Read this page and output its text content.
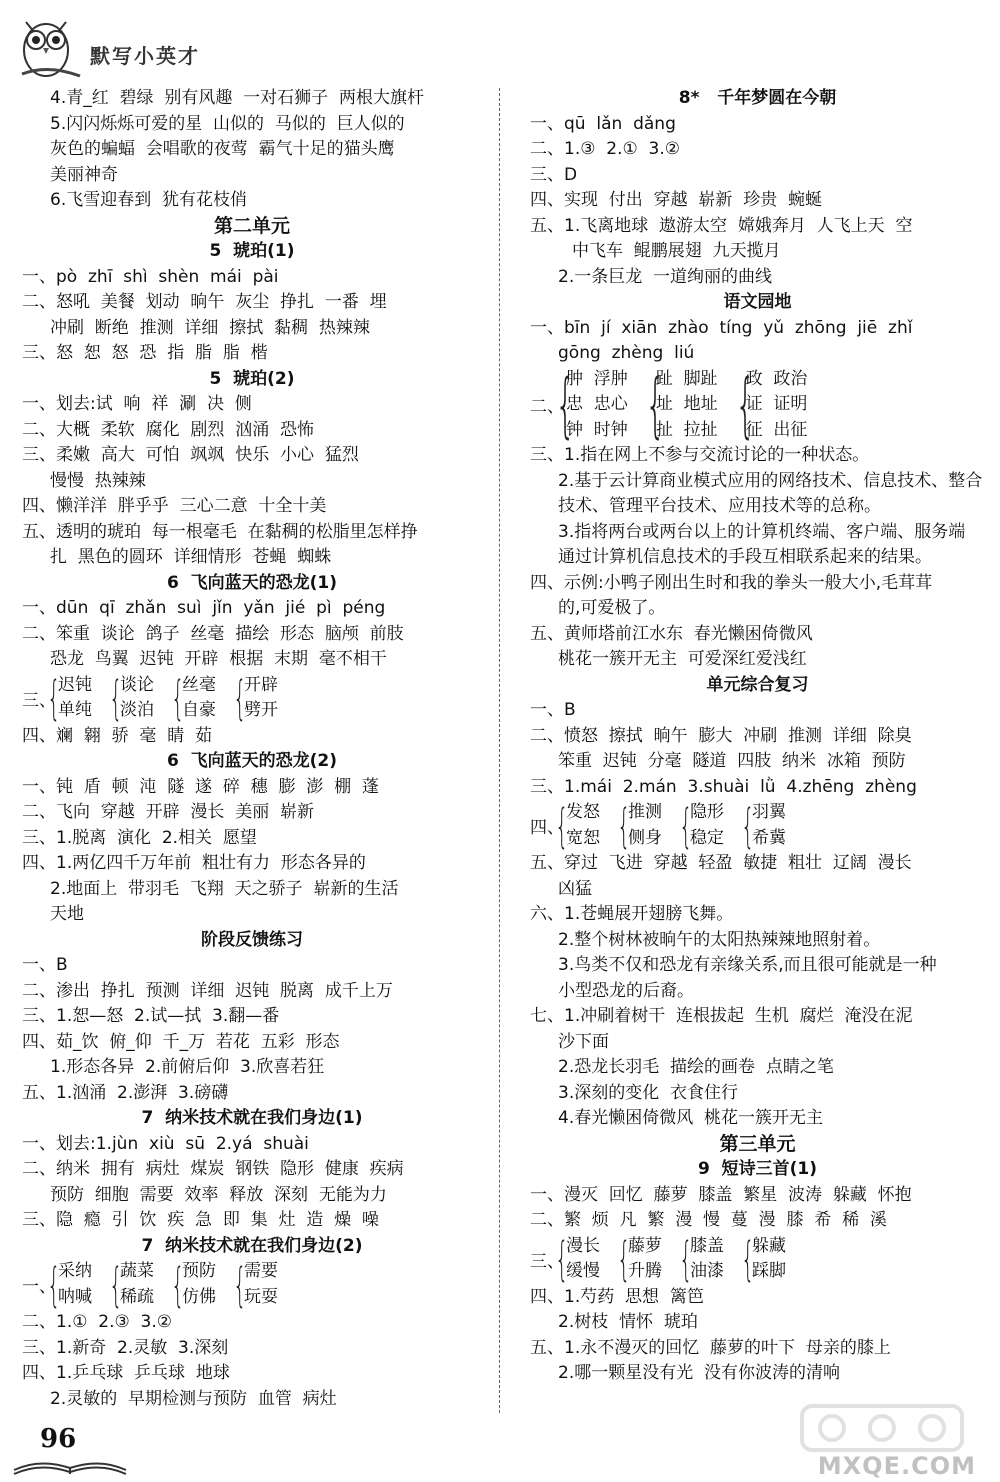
默写小英才
4.青_红  碧绿  别有风趣  一对石狮子  两根大旗杆
5.闪闪烁烁可爱的星  山似的  马似的  巨人似的
灰色的蝙蝠  会唱歌的夜莺  霸气十足的猫头鹰
美丽神奇
6.飞雪迎春到  犹有花枝俏
第二单元
5  琥珀(1)
一、pò  zhī  shì  shèn  mái  pài
二、怒吼  美餐  划动  晌午  灰尘  挣扎  一番  埋
冲刷  断绝  推测  详细  擦拭  黏稠  热辣辣
三、怒  恕  怒  恐  指  脂  脂  楷
5  琥珀(2)
一、划去:试  响  祥  涮  决  侧
二、大概  柔软  腐化  剧烈  汹涌  恐怖
三、柔嫩  高大  可怕  飒飒  快乐  小心  猛烈
慢慢  热辣辣
四、懒洋洋  胖乎乎  三心二意  十全十美
五、透明的琥珀  每一根毫毛  在黏稠的松脂里怎样挣
扎  黑色的圆环  详细情形  苍蝇  蜘蛛
6  飞向蓝天的恐龙(1)
一、dūn  qī  zhǎn  suì  jǐn  yǎn  jié  pì  péng
二、笨重  谈论  鸽子  丝毫  描绘  形态  脑颅  前肢
恐龙  鸟翼  迟钝  开辟  根据  末期  毫不相干
三、
{
迟钝
单纯 {
谈论
淡泊 {
丝毫
自豪 {
开辟
劈开
四、斓  翱  骄  毫  睛  茹
6  飞向蓝天的恐龙(2)
一、钝  盾  顿  沌  隧  遂  碎  穗  膨  澎  棚  蓬
二、飞向  穿越  开辟  漫长  美丽  崭新
三、1.脱离  演化  2.相关  愿望
四、1.两亿四千万年前  粗壮有力  形态各异的
2.地面上  带羽毛  飞翔  天之骄子  崭新的生活
天地
阶段反馈练习
一、B
二、渗出  挣扎  预测  详细  迟钝  脱离  成千上万
三、1.恕—怒  2.试—拭  3.翻—番
四、茹_饮  俯_仰  千_万  若花  五彩  形态
1.形态各异  2.前俯后仰  3.欣喜若狂
五、1.汹涌  2.澎湃  3.磅礴
7  纳米技术就在我们身边(1)
一、划去:1.jùn  xiù  sū  2.yá  shuài
二、纳米  拥有  病灶  煤炭  钢铁  隐形  健康  疾病
预防  细胞  需要  效率  释放  深刻  无能为力
三、隐  瘾  引  饮  疾  急  即  集  灶  造  燥  噪
7  纳米技术就在我们身边(2)
一、
{
采纳
呐喊 {
蔬菜
稀疏 {
预防
仿佛 {
需要
玩耍
二、1.①  2.③  3.②
三、1.新奇  2.灵敏  3.深刻
四、1.乒乓球  乒乓球  地球
2.灵敏的  早期检测与预防  血管  病灶
8*   千年梦圆在今朝
一、qū  lǎn  dǎng
二、1.③  2.①  3.②
三、D
四、实现  付出  穿越  崭新  珍贵  蜿蜒
五、1.飞离地球  遨游太空  嫦娥奔月  人飞上天  空
中飞车  鲲鹏展翅  九天揽月
2.一条巨龙  一道绚丽的曲线
语文园地
一、bīn  jí  xiān  zhào  tíng  yǔ  zhōng  jiē  zhǐ
gōng  zhèng  liú
二、
{
肿  浮肿
忠  忠心
钟  时钟 {
趾  脚趾
址  地址
扯  拉扯 {
政  政治
证  证明
征  出征
三、1.指在网上不参与交流讨论的一种状态。
2.基于云计算商业模式应用的网络技术、信息技术、整合
技术、管理平台技术、应用技术等的总称。
3.指将两台或两台以上的计算机终端、客户端、服务端
通过计算机信息技术的手段互相联系起来的结果。
四、示例:小鸭子刚出生时和我的拳头一般大小,毛茸茸
的,可爱极了。
五、黄师塔前江水东  春光懒困倚微风
桃花一簇开无主  可爱深红爱浅红
单元综合复习
一、B
二、愤怒  擦拭  晌午  膨大  冲刷  推测  详细  除臭
笨重  迟钝  分毫  隧道  四肢  纳米  冰箱  预防
三、1.mái  2.mán  3.shuài  lǜ  4.zhēng  zhèng
四、
{
发怒
宽恕 {
推测
侧身 {
隐形
稳定 {
羽翼
希冀
五、穿过  飞进  穿越  轻盈  敏捷  粗壮  辽阔  漫长
凶猛
六、1.苍蝇展开翅膀飞舞。
2.整个树林被晌午的太阳热辣辣地照射着。
3.鸟类不仅和恐龙有亲缘关系,而且很可能就是一种
小型恐龙的后裔。
七、1.冲刷着树干  连根拔起  生机  腐烂  淹没在泥
沙下面
2.恐龙长羽毛  描绘的画卷  点睛之笔
3.深刻的变化  衣食住行
4.春光懒困倚微风  桃花一簇开无主
第三单元
9  短诗三首(1)
一、漫灭  回忆  藤萝  膝盖  繁星  波涛  躲藏  怀抱
二、繁  烦  凡  繁  漫  慢  蔓  漫  膝  希  稀  溪
三、
{
漫长
缓慢 {
藤萝
升腾 {
膝盖
油漆 {
躲藏
踩脚
四、1.芍药  思想  篱笆
2.树枝  情怀  琥珀
五、1.永不漫灭的回忆  藤萝的叶下  母亲的膝上
2.哪一颗星没有光  没有你波涛的清响
96
MXQE.COM
